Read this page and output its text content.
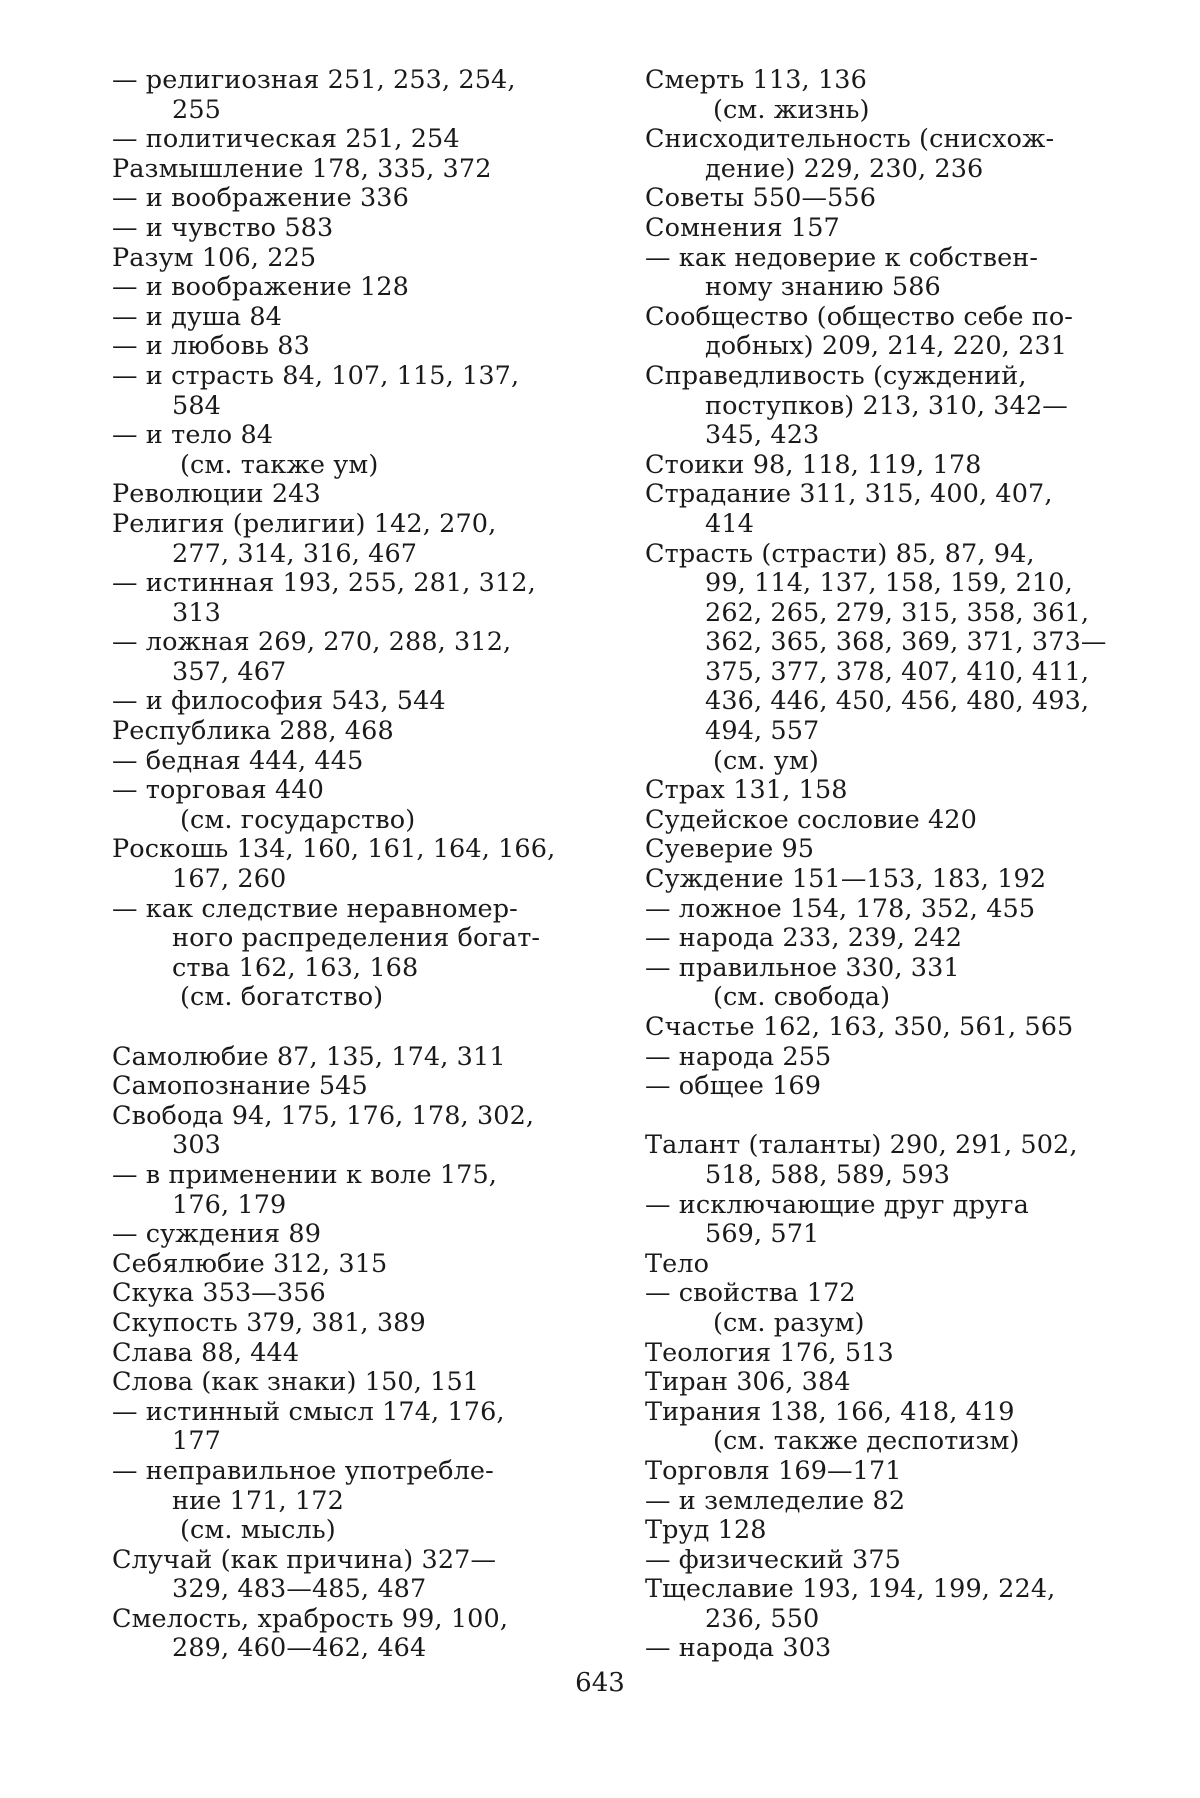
— религиозная 251, 253, 254,
255
— политическая 251, 254
Размышление 178, 335, 372
— и воображение 336
— и чувство 583
Разум 106, 225
— и воображение 128
— и душа 84
— и любовь 83
— и страсть 84, 107, 115, 137,
584
— и тело 84
(см. также ум)
Революции 243
Религия (религии) 142, 270,
277, 314, 316, 467
— истинная 193, 255, 281, 312,
313
— ложная 269, 270, 288, 312,
357, 467
— и философия 543, 544
Республика 288, 468
— бедная 444, 445
— торговая 440
(см. государство)
Роскошь 134, 160, 161, 164, 166,
167, 260
— как следствие неравномер-
ного распределения богат-
ства 162, 163, 168
(см. богатство)
Самолюбие 87, 135, 174, 311
Самопознание 545
Свобода 94, 175, 176, 178, 302,
303
— в применении к воле 175,
176, 179
— суждения 89
Себялюбие 312, 315
Скука 353—356
Скупость 379, 381, 389
Слава 88, 444
Слова (как знаки) 150, 151
— истинный смысл 174, 176,
177
— неправильное употребле-
ние 171, 172
(см. мысль)
Случай (как причина) 327—
329, 483—485, 487
Смелость, храбрость 99, 100,
289, 460—462, 464
Смерть 113, 136
(см. жизнь)
Снисходительность (снисхож-
дение) 229, 230, 236
Советы 550—556
Сомнения 157
— как недоверие к собствен-
ному знанию 586
Сообщество (общество себе по-
добных) 209, 214, 220, 231
Справедливость (суждений,
поступков) 213, 310, 342—
345, 423
Стоики 98, 118, 119, 178
Страдание 311, 315, 400, 407,
414
Страсть (страсти) 85, 87, 94,
99, 114, 137, 158, 159, 210,
262, 265, 279, 315, 358, 361,
362, 365, 368, 369, 371, 373—
375, 377, 378, 407, 410, 411,
436, 446, 450, 456, 480, 493,
494, 557
(см. ум)
Страх 131, 158
Судейское сословие 420
Суеверие 95
Суждение 151—153, 183, 192
— ложное 154, 178, 352, 455
— народа 233, 239, 242
— правильное 330, 331
(см. свобода)
Счастье 162, 163, 350, 561, 565
— народа 255
— общее 169
Талант (таланты) 290, 291, 502,
518, 588, 589, 593
— исключающие друг друга
569, 571
Тело
— свойства 172
(см. разум)
Теология 176, 513
Тиран 306, 384
Тирания 138, 166, 418, 419
(см. также деспотизм)
Торговля 169—171
— и земледелие 82
Труд 128
— физический 375
Тщеславие 193, 194, 199, 224,
236, 550
— народа 303
643
